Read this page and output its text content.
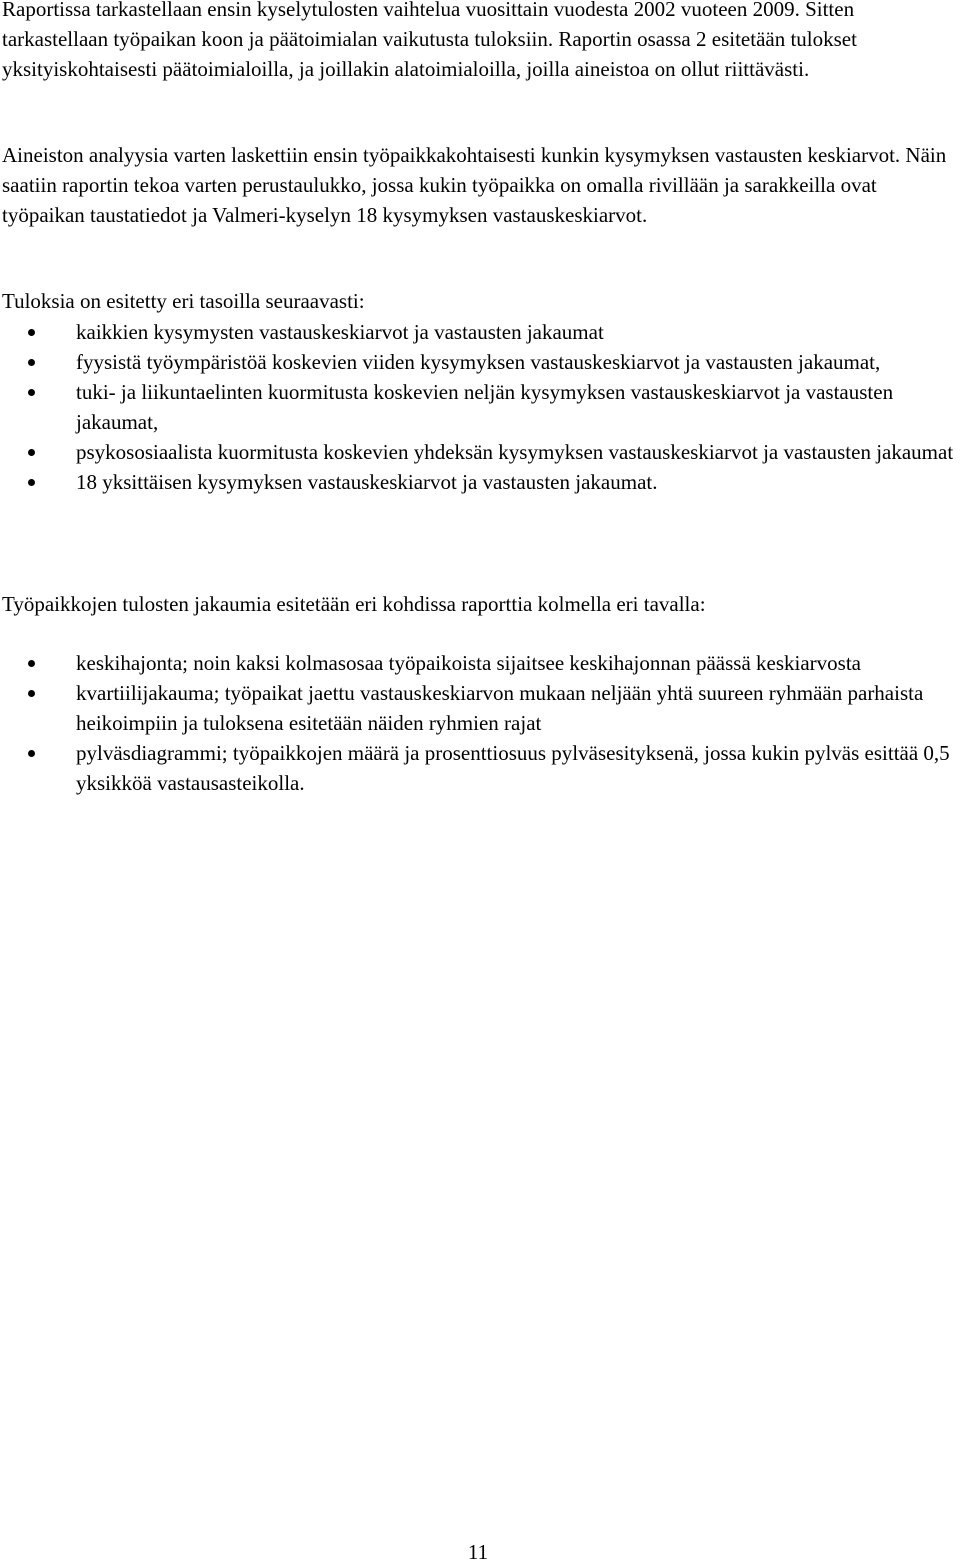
Raportissa tarkastellaan ensin kyselytulosten vaihtelua vuosittain vuodesta 2002 vuoteen 2009. Sitten tarkastellaan työpaikan koon ja päätoimialan vaikutusta tuloksiin. Raportin osassa 2 esitetään tulokset yksityiskohtaisesti päätoimialoilla, ja joillakin alatoimialoilla, joilla aineistoa on ollut riittävästi.

Aineiston analyysia varten laskettiin ensin työpaikkakohtaisesti kunkin kysymyksen vastausten keskiarvot. Näin saatiin raportin tekoa varten perustaulukko, jossa kukin työpaikka on omalla rivillään ja sarakkeilla ovat työpaikan taustatiedot ja Valmeri-kyselyn 18 kysymyksen vastauskeskiarvot.

Tuloksia on esitetty eri tasoilla seuraavasti:

kaikkien kysymysten vastauskeskiarvot ja vastausten jakaumat
fyysistä työympäristöä koskevien viiden kysymyksen vastauskeskiarvot ja vastausten jakaumat,
tuki- ja liikuntaelinten kuormitusta koskevien neljän kysymyksen vastauskeskiarvot ja vastausten jakaumat,
psykososiaalista kuormitusta koskevien yhdeksän kysymyksen vastauskeskiarvot ja vastausten jakaumat
18 yksittäisen kysymyksen vastauskeskiarvot ja vastausten jakaumat.

Työpaikkojen tulosten jakaumia esitetään eri kohdissa raporttia kolmella eri tavalla:

keskihajonta; noin kaksi kolmasosaa työpaikoista sijaitsee keskihajonnan päässä keskiarvosta
kvartiilijakauma; työpaikat jaettu vastauskeskiarvon mukaan neljään yhtä suureen ryhmään parhaista heikoimpiin ja tuloksena esitetään näiden ryhmien rajat
pylväsdiagrammi; työpaikkojen määrä ja prosenttiosuus pylväsesityksenä, jossa kukin pylväs esittää 0,5 yksikköä vastausasteikolla.
11
